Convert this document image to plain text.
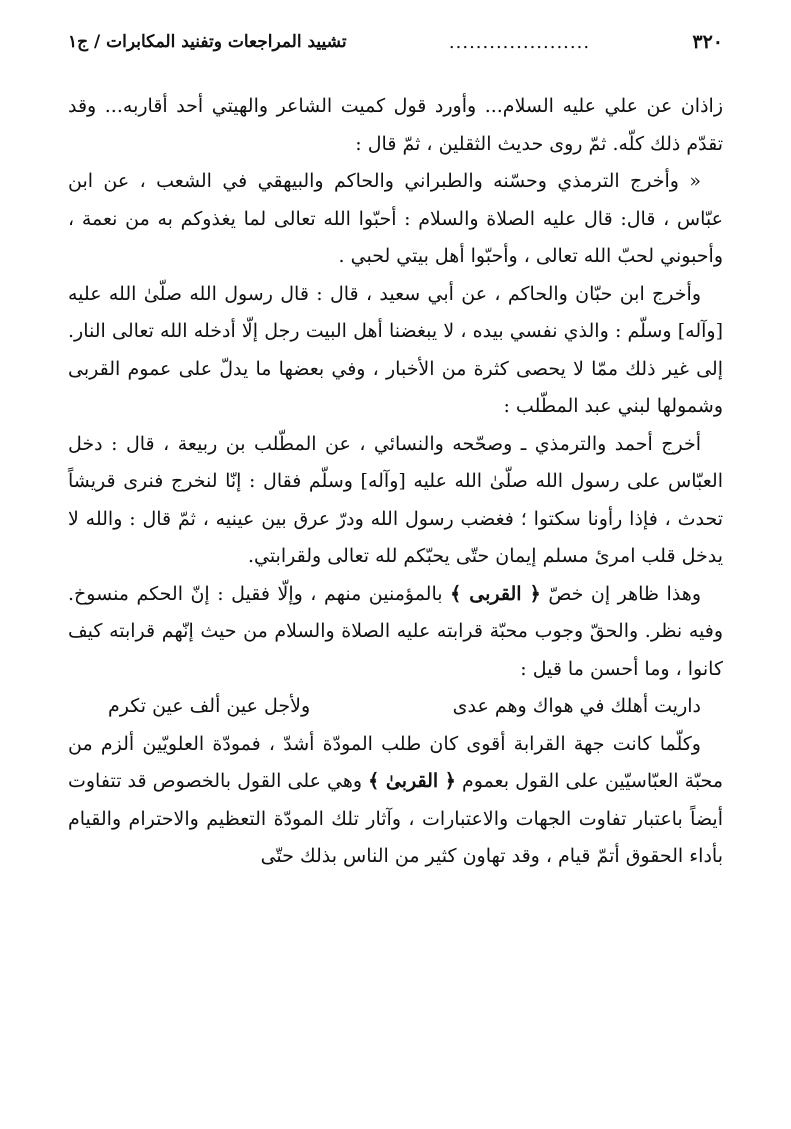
٣٢٠
.....................
تشييد المراجعات وتفنيد المكابرات / ج١

زاذان عن علي عليه السلام... وأورد قول كميت الشاعر والهيتي أحد أقاربه... وقد تقدّم ذلك كلّه. ثمّ روى حديث الثقلين ، ثمّ قال :

« وأخرج الترمذي وحسّنه والطبراني والحاكم والبيهقي في الشعب ، عن ابن عبّاس ، قال: قال عليه الصلاة والسلام : أحبّوا الله تعالى لما يغذوكم به من نعمة ، وأحبوني لحبّ الله تعالى ، وأحبّوا أهل بيتي لحبي .

وأخرج ابن حبّان والحاكم ، عن أبي سعيد ، قال : قال رسول الله صلّىٰ الله عليه [وآله] وسلّم : والذي نفسي بيده ، لا يبغضنا أهل البيت رجل إلّا أدخله الله تعالى النار. إلى غير ذلك ممّا لا يحصى كثرة من الأخبار ، وفي بعضها ما يدلّ على عموم القربى وشمولها لبني عبد المطّلب :

أخرج أحمد والترمذي ـ وصحّحه والنسائي ، عن المطّلب بن ربيعة ، قال : دخل العبّاس على رسول الله صلّىٰ الله عليه [وآله] وسلّم فقال : إنّا لنخرج فنرى قريشاً تحدث ، فإذا رأونا سكتوا ؛ فغضب رسول الله ودرّ عرق بين عينيه ، ثمّ قال : والله لا يدخل قلب امرئ مسلم إيمان حتّى يحبّكم لله تعالى ولقرابتي.

وهذا ظاهر إن خصّ ﴿ القربى ﴾ بالمؤمنين منهم ، وإلّا فقيل : إنّ الحكم منسوخ. وفيه نظر. والحقّ وجوب محبّة قرابته عليه الصلاة والسلام من حيث إنّهم قرابته كيف كانوا ، وما أحسن ما قيل :

داريت أهلك في هواك وهم عدى
ولأجل عين ألف عين تكرم

وكلّما كانت جهة القرابة أقوى كان طلب المودّة أشدّ ، فمودّة العلويّين ألزم من محبّة العبّاسيّين على القول بعموم ﴿ القربىٰ ﴾ وهي على القول بالخصوص قد تتفاوت أيضاً باعتبار تفاوت الجهات والاعتبارات ، وآثار تلك المودّة التعظيم والاحترام والقيام بأداء الحقوق أتمّ قيام ، وقد تهاون كثير من الناس بذلك حتّى
